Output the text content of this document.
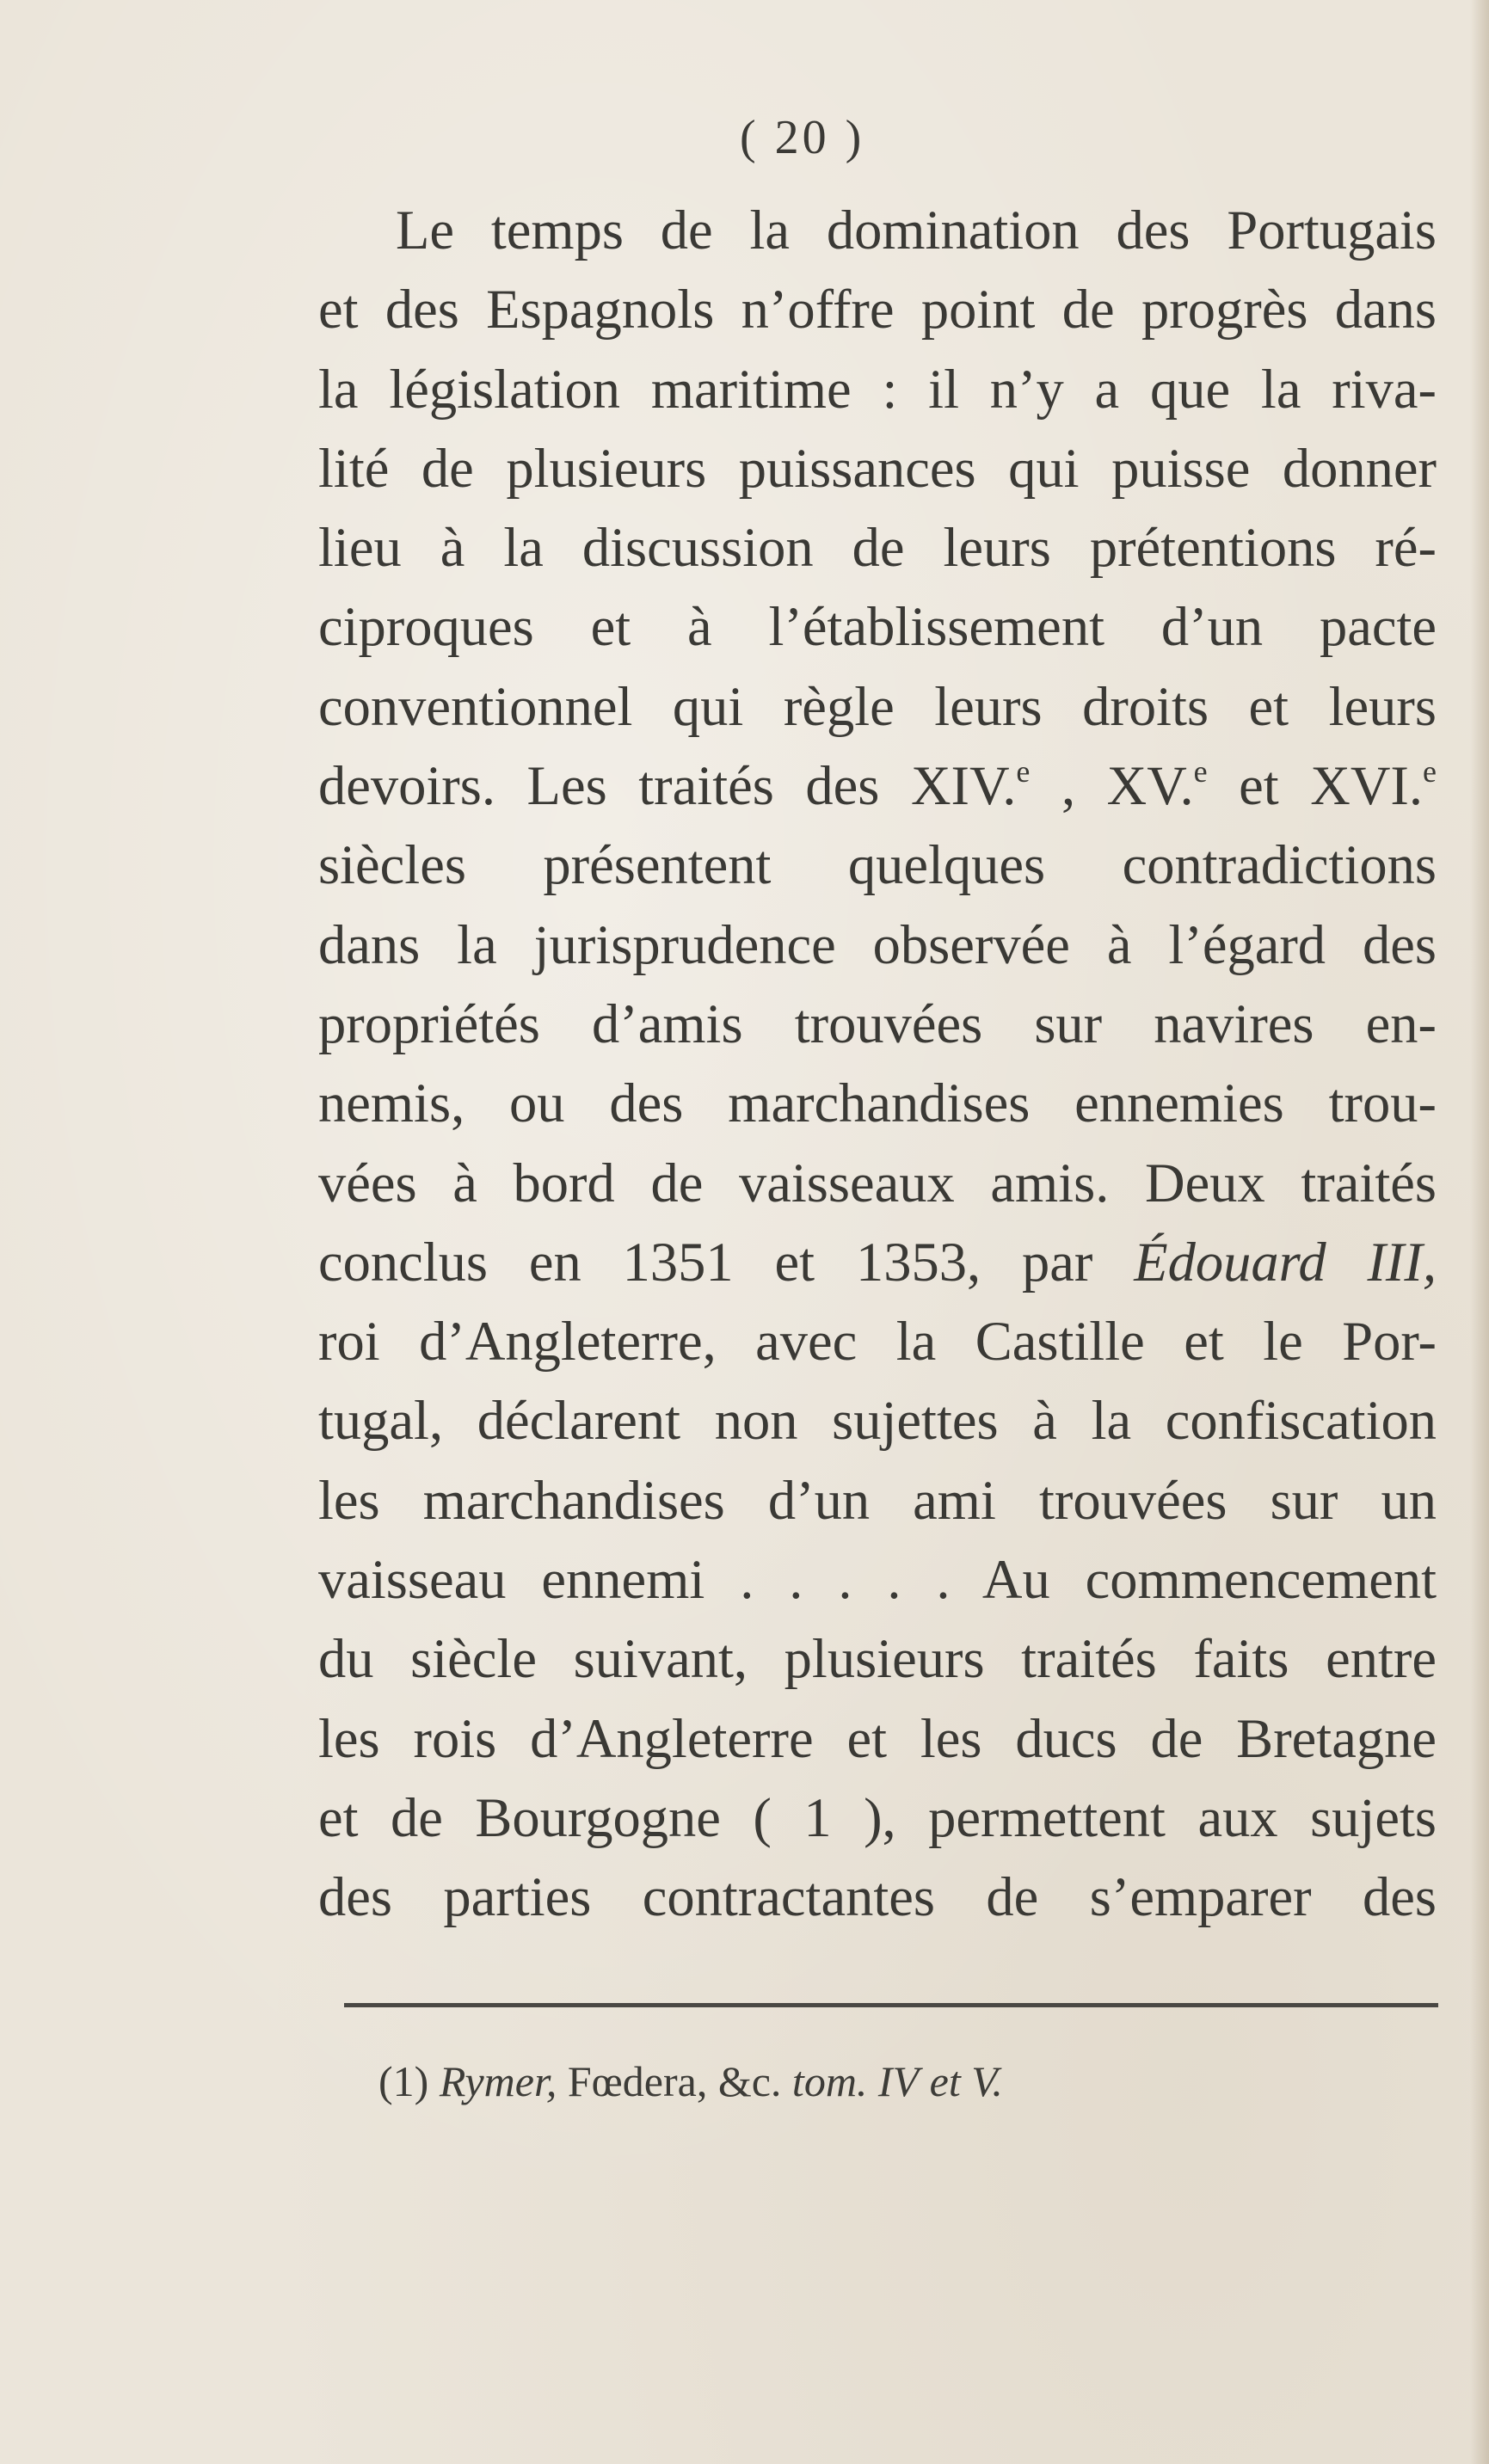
( 20 )
Le temps de la domination des Portugais
et des Espagnols n’offre point de progrès dans
la législation maritime : il n’y a que la riva-
lité de plusieurs puissances qui puisse donner
lieu à la discussion de leurs prétentions ré-
ciproques et à l’établissement d’un pacte
conventionnel qui règle leurs droits et leurs
devoirs. Les traités des XIV.$^e$ , XV.$^e$ et XVI.$^e$
siècles présentent quelques contradictions
dans la jurisprudence observée à l’égard des
propriétés d’amis trouvées sur navires en-
nemis, ou des marchandises ennemies trou-
vées à bord de vaisseaux amis. Deux traités
conclus en 1351 et 1353, par Édouard III,
roi d’Angleterre, avec la Castille et le Por-
tugal, déclarent non sujettes à la confiscation
les marchandises d’un ami trouvées sur un
vaisseau ennemi . . . . . Au commencement
du siècle suivant, plusieurs traités faits entre
les rois d’Angleterre et les ducs de Bretagne
et de Bourgogne ( 1 ), permettent aux sujets
des parties contractantes de s’emparer des
(1) Rymer, Fœdera, &c. tom. IV et V.
